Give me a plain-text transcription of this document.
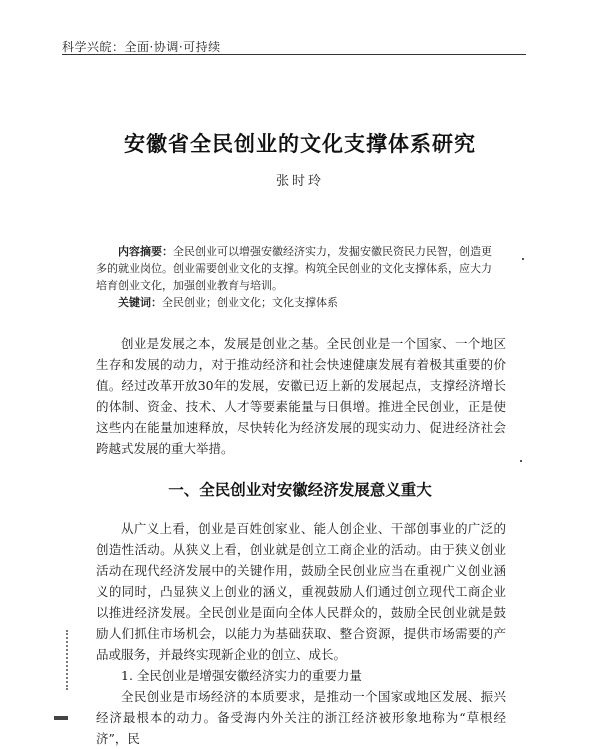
科学兴皖：全面·协调·可持续
安徽省全民创业的文化支撑体系研究
张时玲

内容摘要：全民创业可以增强安徽经济实力，发掘安徽民资民力民智，创造更多的就业岗位。创业需要创业文化的支撑。构筑全民创业的文化支撑体系，应大力培育创业文化，加强创业教育与培训。

关键词：全民创业；创业文化；文化支撑体系

创业是发展之本，发展是创业之基。全民创业是一个国家、一个地区生存和发展的动力，对于推动经济和社会快速健康发展有着极其重要的价值。经过改革开放30年的发展，安徽已迈上新的发展起点，支撑经济增长的体制、资金、技术、人才等要素能量与日俱增。推进全民创业，正是使这些内在能量加速释放，尽快转化为经济发展的现实动力、促进经济社会跨越式发展的重大举措。

一、全民创业对安徽经济发展意义重大

从广义上看，创业是百姓创家业、能人创企业、干部创事业的广泛的创造性活动。从狭义上看，创业就是创立工商企业的活动。由于狭义创业活动在现代经济发展中的关键作用，鼓励全民创业应当在重视广义创业涵义的同时，凸显狭义上创业的涵义，重视鼓励人们通过创立现代工商企业以推进经济发展。全民创业是面向全体人民群众的，鼓励全民创业就是鼓励人们抓住市场机会，以能力为基础获取、整合资源，提供市场需要的产品或服务，并最终实现新企业的创立、成长。

1. 全民创业是增强安徽经济实力的重要力量

全民创业是市场经济的本质要求，是推动一个国家或地区发展、振兴经济最根本的动力。备受海内外关注的浙江经济被形象地称为“草根经济”，民
